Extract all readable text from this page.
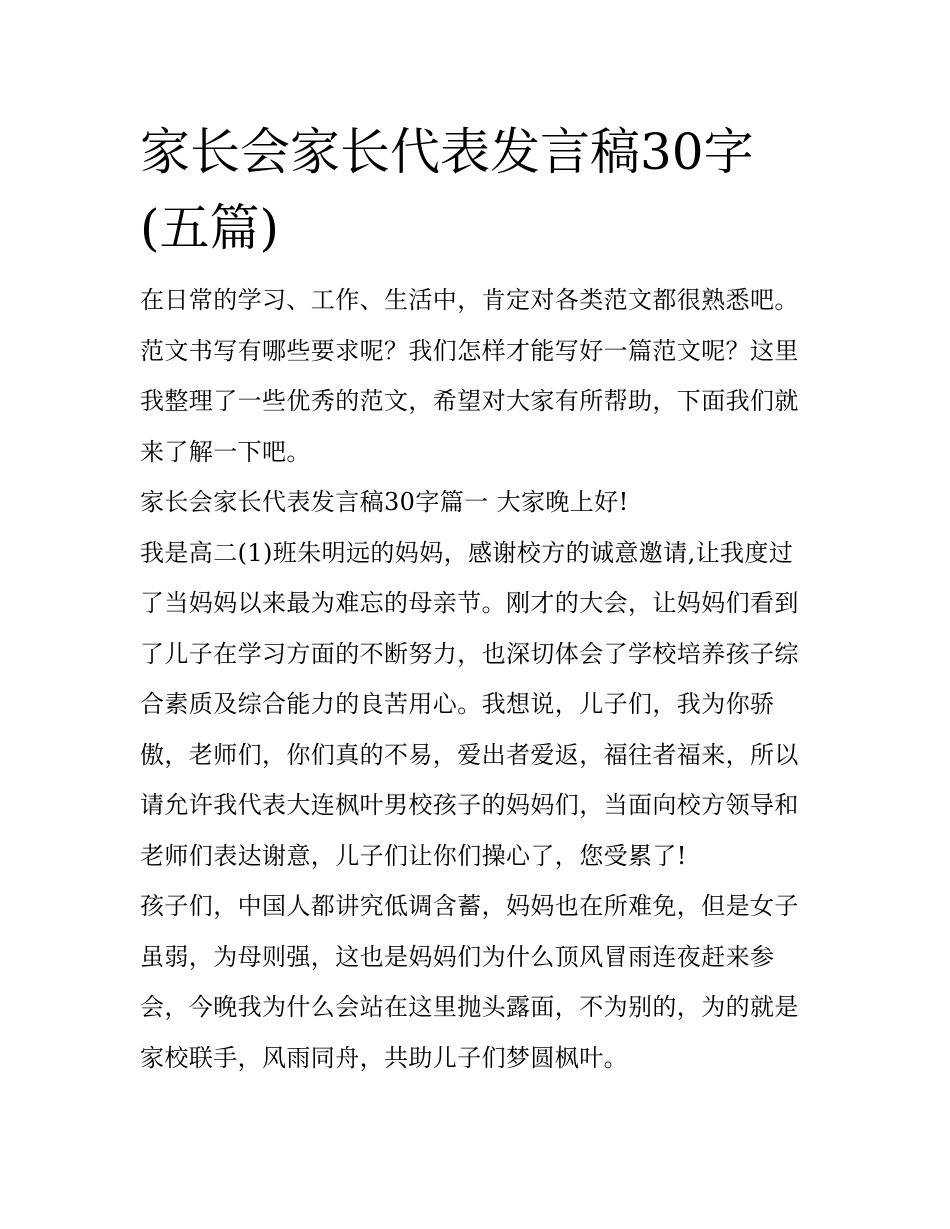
家长会家长代表发言稿30字
(五篇)
在日常的学习、工作、生活中，肯定对各类范文都很熟悉吧。
范文书写有哪些要求呢？我们怎样才能写好一篇范文呢？这里
我整理了一些优秀的范文，希望对大家有所帮助，下面我们就
来了解一下吧。
家长会家长代表发言稿30字篇一 大家晚上好!
我是高二(1)班朱明远的妈妈，感谢校方的诚意邀请,让我度过
了当妈妈以来最为难忘的母亲节。刚才的大会，让妈妈们看到
了儿子在学习方面的不断努力，也深切体会了学校培养孩子综
合素质及综合能力的良苦用心。我想说，儿子们，我为你骄
傲，老师们，你们真的不易，爱出者爱返，福往者福来，所以
请允许我代表大连枫叶男校孩子的妈妈们，当面向校方领导和
老师们表达谢意，儿子们让你们操心了，您受累了!
孩子们，中国人都讲究低调含蓄，妈妈也在所难免，但是女子
虽弱，为母则强，这也是妈妈们为什么顶风冒雨连夜赶来参
会，今晚我为什么会站在这里抛头露面，不为别的，为的就是
家校联手，风雨同舟，共助儿子们梦圆枫叶。
